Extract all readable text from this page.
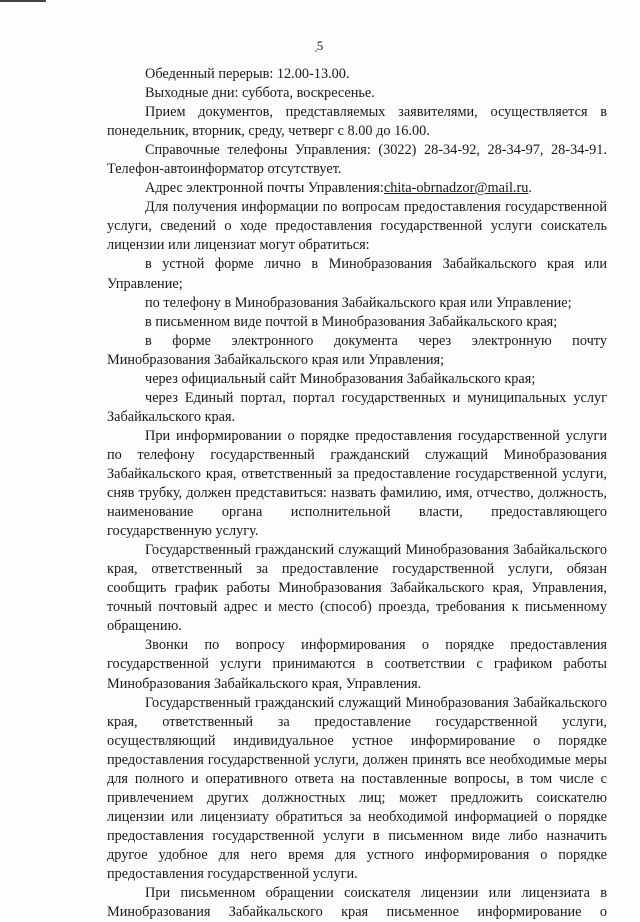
5

Обеденный перерыв: 12.00-13.00.

Выходные дни: суббота, воскресенье.

Прием документов, представляемых заявителями, осуществляется в понедельник, вторник, среду, четверг с 8.00 до 16.00.

Справочные телефоны Управления: (3022) 28-34-92, 28-34-97, 28-34-91. Телефон-автоинформатор отсутствует.

Адрес электронной почты Управления:chita-obrnadzor@mail.ru.

Для получения информации по вопросам предоставления государственной услуги, сведений о ходе предоставления государственной услуги соискатель лицензии или лицензиат могут обратиться:

в устной форме лично в Минобразования Забайкальского края или Управление;

по телефону в Минобразования Забайкальского края или Управление;

в письменном виде почтой в Минобразования Забайкальского края;

в форме электронного документа через электронную почту Минобразования Забайкальского края или Управления;

через официальный сайт Минобразования Забайкальского края;

через Единый портал, портал государственных и муниципальных услуг Забайкальского края.

При информировании о порядке предоставления государственной услуги по телефону государственный гражданский служащий Минобразования Забайкальского края, ответственный за предоставление государственной услуги, сняв трубку, должен представиться: назвать фамилию, имя, отчество, должность, наименование органа исполнительной власти, предоставляющего государственную услугу.

Государственный гражданский служащий Минобразования Забайкальского края, ответственный за предоставление государственной услуги, обязан сообщить график работы Минобразования Забайкальского края, Управления, точный почтовый адрес и место (способ) проезда, требования к письменному обращению.

Звонки по вопросу информирования о порядке предоставления государственной услуги принимаются в соответствии с графиком работы Минобразования Забайкальского края, Управления.

Государственный гражданский служащий Минобразования Забайкальского края, ответственный за предоставление государственной услуги, осуществляющий индивидуальное устное информирование о порядке предоставления государственной услуги, должен принять все необходимые меры для полного и оперативного ответа на поставленные вопросы, в том числе с привлечением других должностных лиц; может предложить соискателю лицензии или лицензиату обратиться за необходимой информацией о порядке предоставления государственной услуги в письменном виде либо назначить другое удобное для него время для устного информирования о порядке предоставления государственной услуги.

При письменном обращении соискателя лицензии или лицензиата в Минобразования Забайкальского края письменное информирование о
